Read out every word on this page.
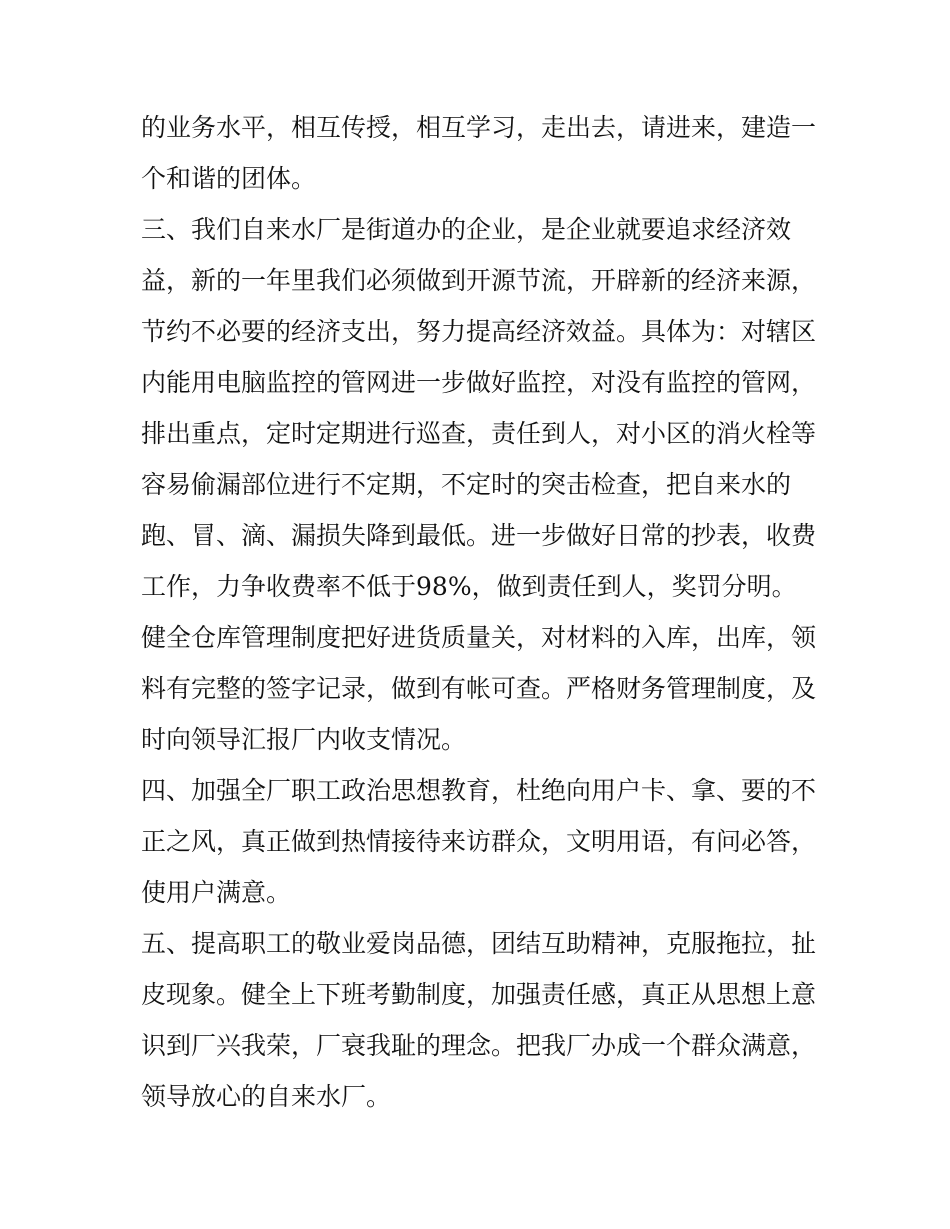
的业务水平，相互传授，相互学习，走出去，请进来，建造一
个和谐的团体。
三、我们自来水厂是街道办的企业，是企业就要追求经济效
益，新的一年里我们必须做到开源节流，开辟新的经济来源，
节约不必要的经济支出，努力提高经济效益。具体为：对辖区
内能用电脑监控的管网进一步做好监控，对没有监控的管网，
排出重点，定时定期进行巡查，责任到人，对小区的消火栓等
容易偷漏部位进行不定期，不定时的突击检查，把自来水的
跑、冒、滴、漏损失降到最低。进一步做好日常的抄表，收费
工作，力争收费率不低于98%，做到责任到人，奖罚分明。
健全仓库管理制度把好进货质量关，对材料的入库，出库，领
料有完整的签字记录，做到有帐可查。严格财务管理制度，及
时向领导汇报厂内收支情况。
四、加强全厂职工政治思想教育，杜绝向用户卡、拿、要的不
正之风，真正做到热情接待来访群众，文明用语，有问必答，
使用户满意。
五、提高职工的敬业爱岗品德，团结互助精神，克服拖拉，扯
皮现象。健全上下班考勤制度，加强责任感，真正从思想上意
识到厂兴我荣，厂衰我耻的理念。把我厂办成一个群众满意，
领导放心的自来水厂。
